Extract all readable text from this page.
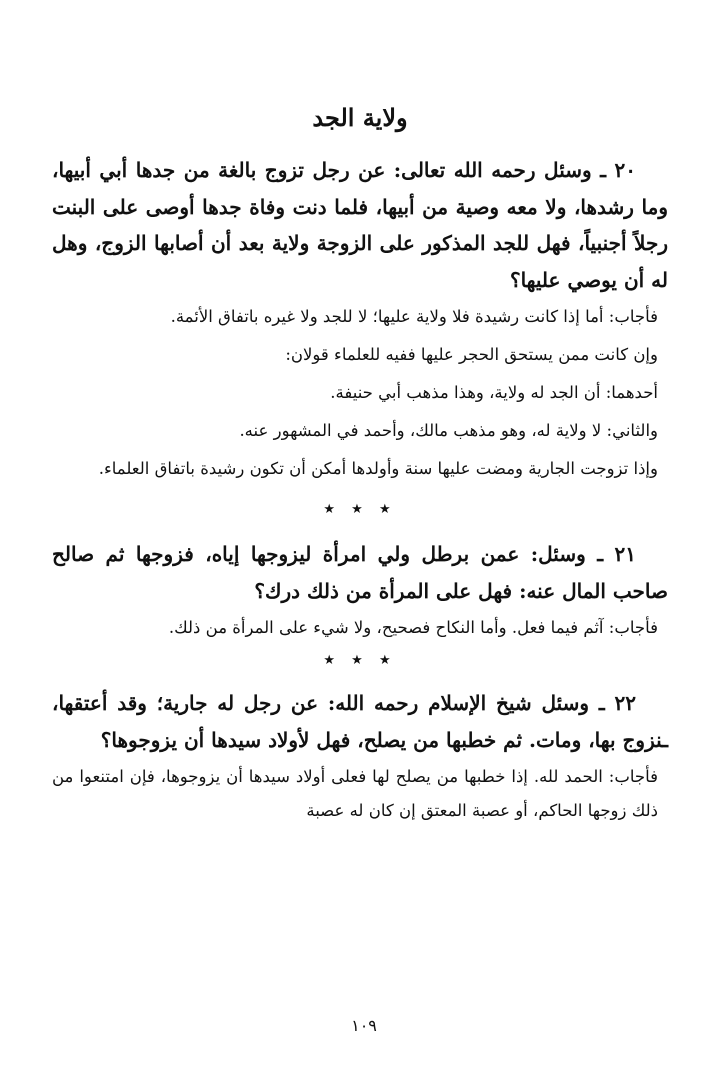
ولاية الجد

٢٠ ـ وسئل رحمه الله تعالى: عن رجل تزوج بالغة من جدها أبي أبيها، وما رشدها، ولا معه وصية من أبيها، فلما دنت وفاة جدها أوصى على البنت رجلاً أجنبياً، فهل للجد المذكور على الزوجة ولاية بعد أن أصابها الزوج، وهل له أن يوصي عليها؟

فأجاب: أما إذا كانت رشيدة فلا ولاية عليها؛ لا للجد ولا غيره باتفاق الأئمة.

وإن كانت ممن يستحق الحجر عليها ففيه للعلماء قولان:

أحدهما: أن الجد له ولاية، وهذا مذهب أبي حنيفة.

والثاني: لا ولاية له، وهو مذهب مالك، وأحمد في المشهور عنه.

وإذا تزوجت الجارية ومضت عليها سنة وأولدها أمكن أن تكون رشيدة باتفاق العلماء.

★ ★ ★

٢١ ـ وسئل: عمن برطل ولي امرأة ليزوجها إياه، فزوجها ثم صالح صاحب المال عنه: فهل على المرأة من ذلك درك؟

فأجاب: آثم فيما فعل. وأما النكاح فصحيح، ولا شيء على المرأة من ذلك.

★ ★ ★

٢٢ ـ وسئل شيخ الإسلام رحمه الله: عن رجل له جارية؛ وقد أعتقها، ـنزوج بها، ومات. ثم خطبها من يصلح، فهل لأولاد سيدها أن يزوجوها؟

فأجاب: الحمد لله. إذا خطبها من يصلح لها فعلى أولاد سيدها أن يزوجوها، فإن امتنعوا من ذلك زوجها الحاكم، أو عصبة المعتق إن كان له عصبة

١٠٩
